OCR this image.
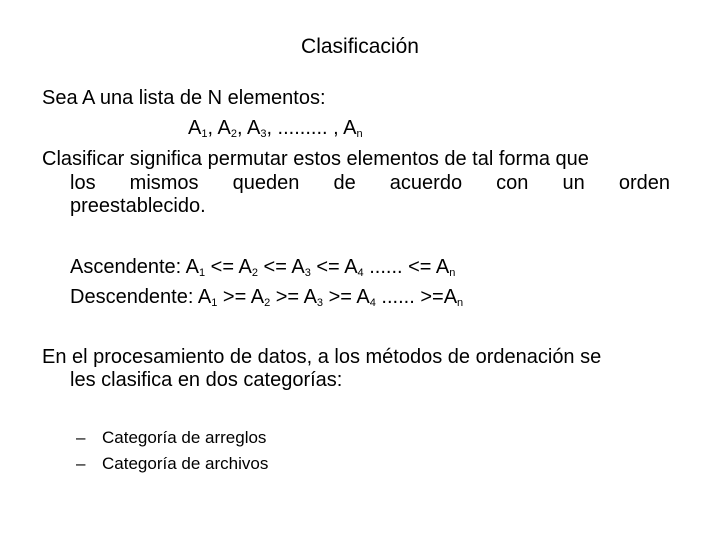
Clasificación
Sea A una lista de N elementos:
$A_1$, $A_2$, $A_3$, ......... , $A_n$
Clasificar significa permutar estos elementos de tal forma que
los mismos queden de acuerdo con un orden
preestablecido.
Ascendente: $A_1 <= A_2 <= A_3 <= A_4$ ...... <= $A_n$
Descendente: $A_1 >= A_2 >= A_3 >= A_4$ ...... $>=A_n$
En el procesamiento de datos, a los métodos de ordenación se
les clasifica en dos categorías:
– Categoría de arreglos
– Categoría de archivos
